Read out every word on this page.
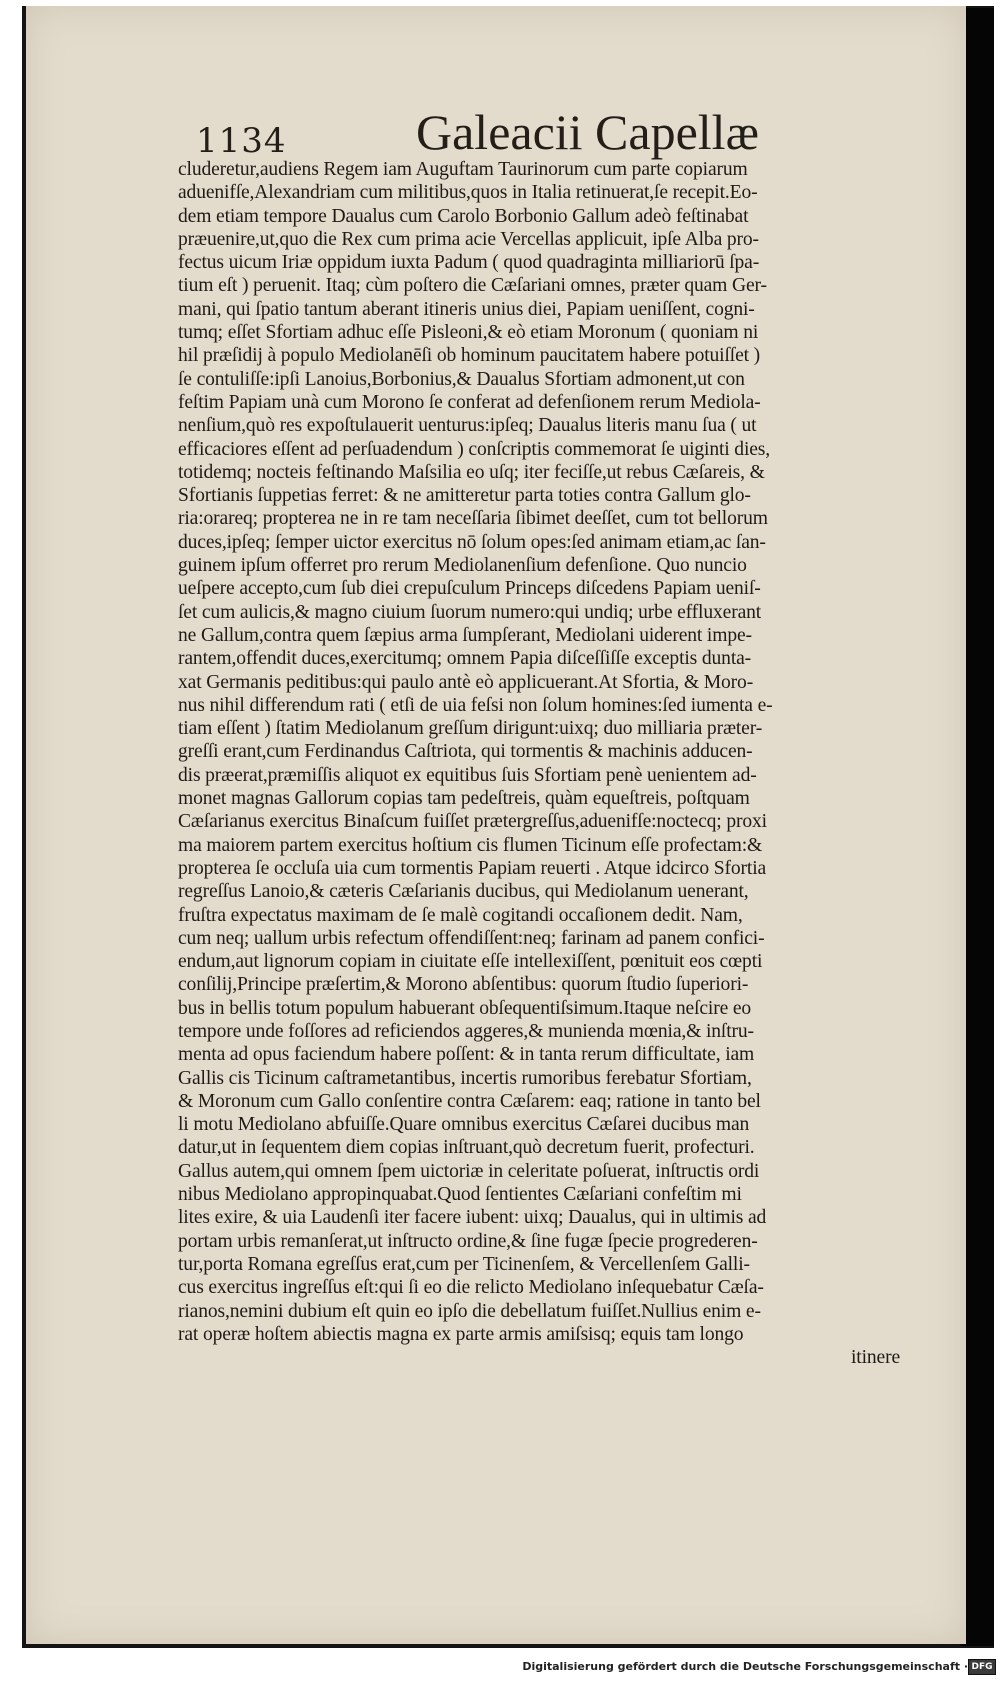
1134	Galeacii Capellæ
cluderetur,audiens Regem iam Auguftam Taurinorum cum parte copiarum
aduenifſe,Alexandriam cum militibus,quos in Italia retinuerat,ſe recepit.Eo-
dem etiam tempore Daualus cum Carolo Borbonio Gallum adeò feſtinabat
præuenire,ut,quo die Rex cum prima acie Vercellas applicuit, ipſe Alba pro-
fectus uicum Iriæ oppidum iuxta Padum ( quod quadraginta milliariorū ſpa-
tium eſt ) peruenit. Itaq; cùm poſtero die Cæſariani omnes, præter quam Ger-
mani, qui ſpatio tantum aberant itineris unius diei, Papiam ueniſſent, cogni-
tumq; eſſet Sfortiam adhuc eſſe Pisleoni,& eò etiam Moronum ( quoniam ni
hil præſidij à populo Mediolanēſi ob hominum paucitatem habere potuiſſet )
ſe contuliſſe:ipſi Lanoius,Borbonius,& Daualus Sfortiam admonent,ut con
feſtim Papiam unà cum Morono ſe conferat ad defenſionem rerum Mediola-
nenſium,quò res expoſtulauerit uenturus:ipſeq; Daualus literis manu ſua ( ut
efficaciores eſſent ad perſuadendum ) conſcriptis commemorat ſe uiginti dies,
totidemq; nocteis feſtinando Maſsilia eo uſq; iter feciſſe,ut rebus Cæſareis, &
Sfortianis ſuppetias ferret: & ne amitteretur parta toties contra Gallum glo-
ria:orareq; propterea ne in re tam neceſſaria ſibimet deeſſet, cum tot bellorum
duces,ipſeq; ſemper uictor exercitus nō ſolum opes:ſed animam etiam,ac ſan-
guinem ipſum offerret pro rerum Mediolanenſium defenſione. Quo nuncio
ueſpere accepto,cum ſub diei crepuſculum Princeps diſcedens Papiam ueniſ-
ſet cum aulicis,& magno ciuium ſuorum numero:qui undiq; urbe effluxerant
ne Gallum,contra quem ſæpius arma ſumpſerant, Mediolani uiderent impe-
rantem,offendit duces,exercitumq; omnem Papia diſceſſiſſe exceptis dunta-
xat Germanis peditibus:qui paulo antè eò applicuerant.At Sfortia, & Moro-
nus nihil differendum rati ( etſi de uia feſsi non ſolum homines:ſed iumenta e-
tiam eſſent ) ſtatim Mediolanum greſſum dirigunt:uixq; duo milliaria præter-
greſſi erant,cum Ferdinandus Caſtriota, qui tormentis & machinis adducen-
dis præerat,præmiſſis aliquot ex equitibus ſuis Sfortiam penè uenientem ad-
monet magnas Gallorum copias tam pedeſtreis, quàm equeſtreis, poſtquam
Cæſarianus exercitus Binaſcum fuiſſet prætergreſſus,aduenifſe:noctecq; proxi
ma maiorem partem exercitus hoſtium cis flumen Ticinum eſſe profectam:&
propterea ſe occluſa uia cum tormentis Papiam reuerti . Atque idcirco Sfortia
regreſſus Lanoio,& cæteris Cæſarianis ducibus, qui Mediolanum uenerant,
fruſtra expectatus maximam de ſe malè cogitandi occaſionem dedit. Nam,
cum neq; uallum urbis refectum offendiſſent:neq; farinam ad panem confici-
endum,aut lignorum copiam in ciuitate eſſe intellexiſſent, pœnituit eos cœpti
conſilij,Principe præſertim,& Morono abſentibus: quorum ſtudio ſuperiori-
bus in bellis totum populum habuerant obſequentiſsimum.Itaque neſcire eo
tempore unde foſſores ad reficiendos aggeres,& munienda mœnia,& inſtru-
menta ad opus faciendum habere poſſent: & in tanta rerum difficultate, iam
Gallis cis Ticinum caſtrametantibus, incertis rumoribus ferebatur Sfortiam,
& Moronum cum Gallo conſentire contra Cæſarem: eaq; ratione in tanto bel
li motu Mediolano abfuiſſe.Quare omnibus exercitus Cæſarei ducibus man
datur,ut in ſequentem diem copias inſtruant,quò decretum fuerit, profecturi.
Gallus autem,qui omnem ſpem uictoriæ in celeritate poſuerat, inſtructis ordi
nibus Mediolano appropinquabat.Quod ſentientes Cæſariani confeſtim mi
lites exire, & uia Laudenſi iter facere iubent: uixq; Daualus, qui in ultimis ad
portam urbis remanſerat,ut inſtructo ordine,& ſine fugæ ſpecie progrederen-
tur,porta Romana egreſſus erat,cum per Ticinenſem, & Vercellenſem Galli-
cus exercitus ingreſſus eſt:qui ſi eo die relicto Mediolano inſequebatur Cæſa-
rianos,nemini dubium eſt quin eo ipſo die debellatum fuiſſet.Nullius enim e-
rat operæ hoſtem abiectis magna ex parte armis amiſsisq; equis tam longo
itinere
Digitalisierung gefördert durch die Deutsche Forschungsgemeinschaft · DFG
